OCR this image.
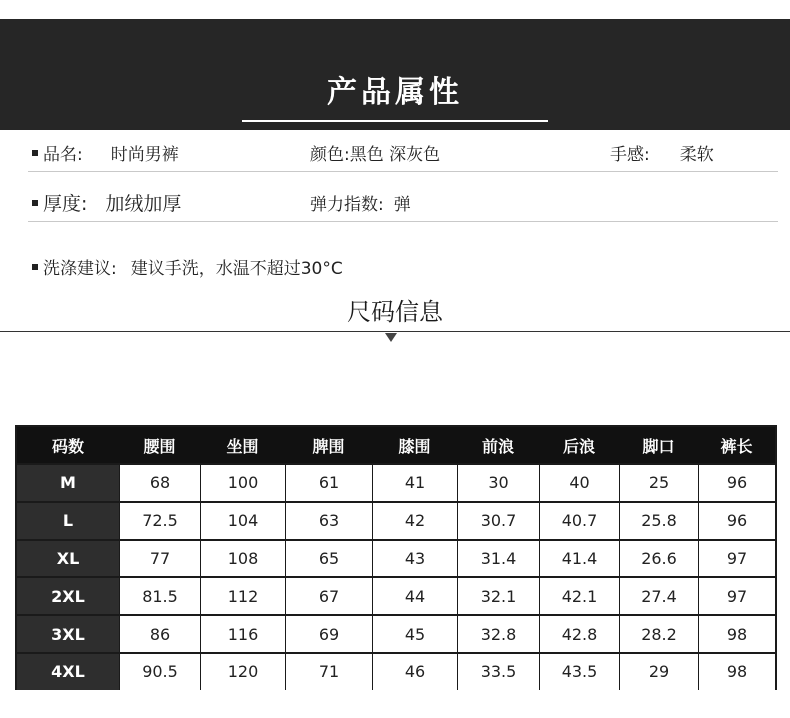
产品属性
品名: 时尚男裤	颜色:黑色 深灰色	手感: 柔软
厚度: 加绒加厚	弹力指数: 弹
洗涤建议: 建议手洗，水温不超过30°C
尺码信息
码数	腰围	坐围	脾围	膝围	前浪	后浪	脚口	裤长
M	68	100	61	41	30	40	25	96
L	72.5	104	63	42	30.7	40.7	25.8	96
XL	77	108	65	43	31.4	41.4	26.6	97
2XL	81.5	112	67	44	32.1	42.1	27.4	97
3XL	86	116	69	45	32.8	42.8	28.2	98
4XL	90.5	120	71	46	33.5	43.5	29	98
